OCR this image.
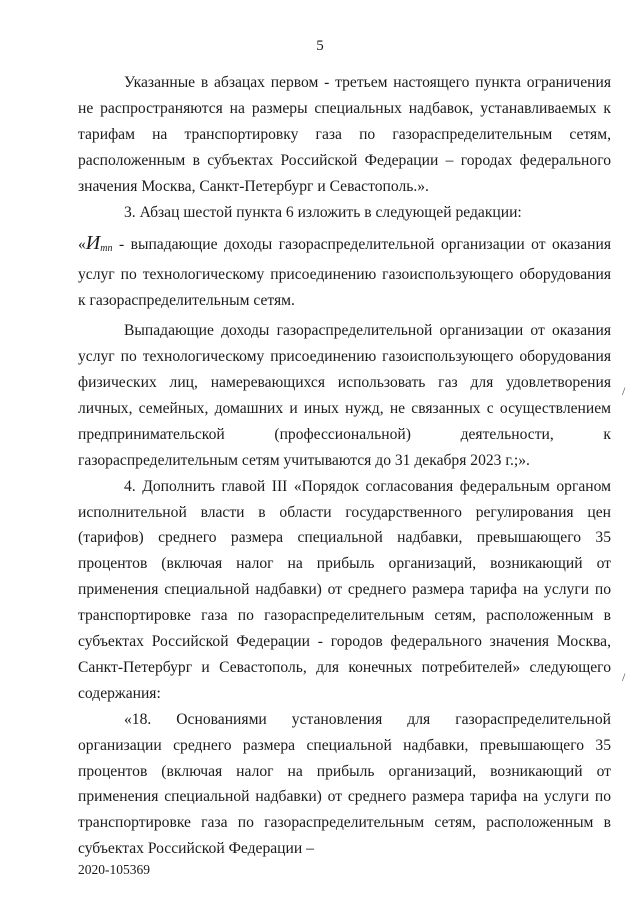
5

Указанные в абзацах первом - третьем настоящего пункта ограничения не распространяются на размеры специальных надбавок, устанавливаемых к тарифам на транспортировку газа по газораспределительным сетям, расположенным в субъектах Российской Федерации – городах федерального значения Москва, Санкт-Петербург и Севастополь.».

3. Абзац шестой пункта 6 изложить в следующей редакции:

«$И_{тп}$ - выпадающие доходы газораспределительной организации от оказания услуг по технологическому присоединению газоиспользующего оборудования к газораспределительным сетям.

Выпадающие доходы газораспределительной организации от оказания услуг по технологическому присоединению газоиспользующего оборудования физических лиц, намеревающихся использовать газ для удовлетворения личных, семейных, домашних и иных нужд, не связанных с осуществлением предпринимательской (профессиональной) деятельности, к газораспределительным сетям учитываются до 31 декабря 2023 г.;».

4. Дополнить главой III «Порядок согласования федеральным органом исполнительной власти в области государственного регулирования цен (тарифов) среднего размера специальной надбавки, превышающего 35 процентов (включая налог на прибыль организаций, возникающий от применения специальной надбавки) от среднего размера тарифа на услуги по транспортировке газа по газораспределительным сетям, расположенным в субъектах Российской Федерации - городов федерального значения Москва, Санкт-Петербург и Севастополь, для конечных потребителей» следующего содержания:

«18. Основаниями установления для газораспределительной организации среднего размера специальной надбавки, превышающего 35 процентов (включая налог на прибыль организаций, возникающий от применения специальной надбавки) от среднего размера тарифа на услуги по транспортировке газа по газораспределительным сетям, расположенным в субъектах Российской Федерации –

/
/
2020-105369
